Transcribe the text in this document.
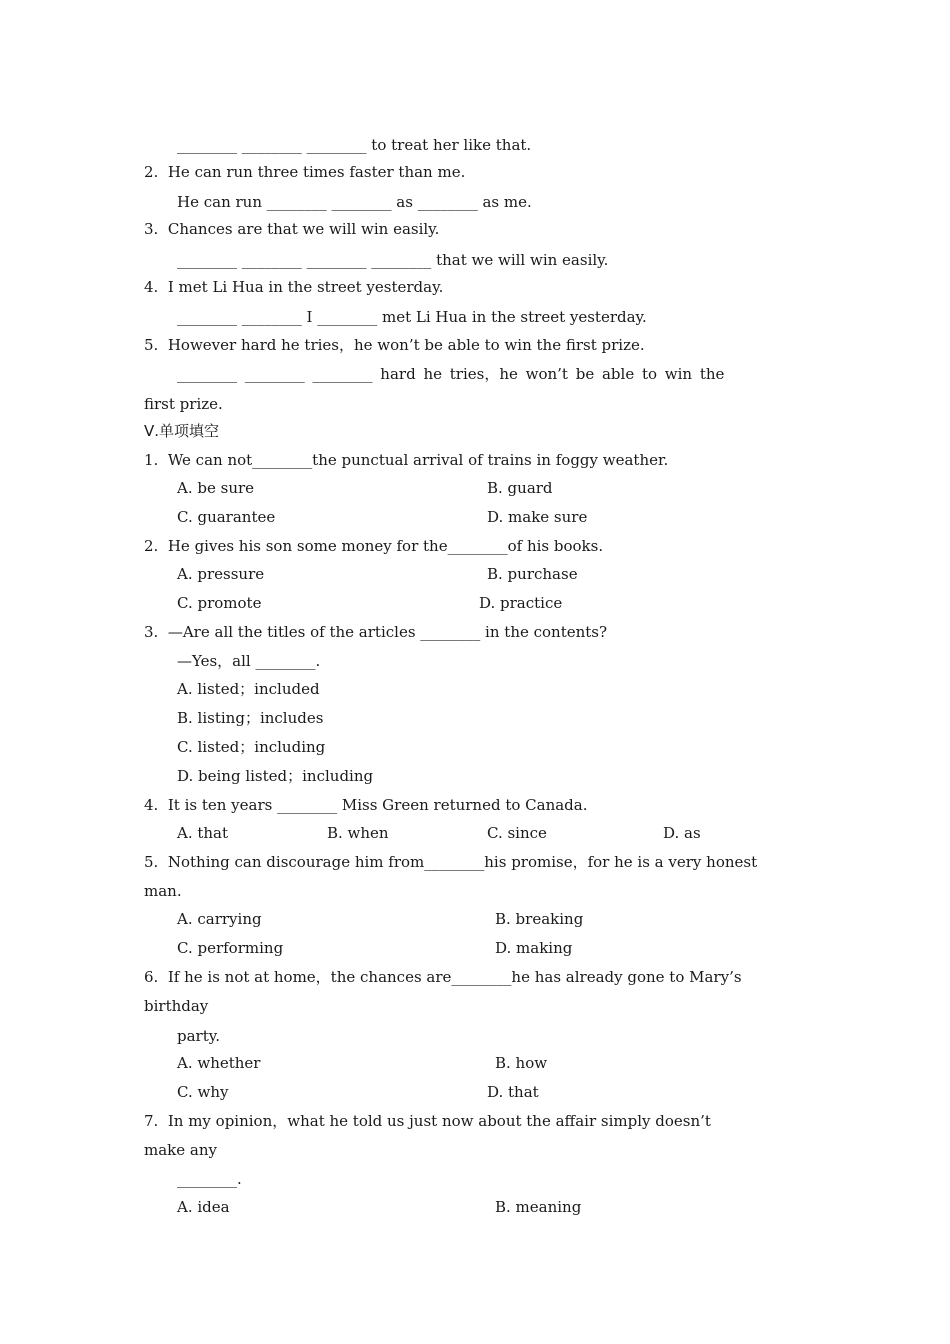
________ ________ ________ to treat her like that.
2.  He can run three times faster than me.
He can run ________ ________ as ________ as me.
3.  Chances are that we will win easily.
________ ________ ________ ________ that we will win easily.
4.  I met Li Hua in the street yesterday.
________ ________ I ________ met Li Hua in the street yesterday.
5.  However hard he tries，he won’t be able to win the first prize.
________ ________ ________ hard he tries，he won’t be able to win the
first prize.
Ⅴ.单项填空
1.  We can not________the punctual arrival of trains in foggy weather.
A. be sure	B. guard
C. guarantee	D. make sure
2.  He gives his son some money for the________of his books.
A. pressure	B. purchase
C. promote	D. practice
3.  —Are all the titles of the articles ________ in the contents?
—Yes，all ________.
A. listed；included
B. listing；includes
C. listed；including
D. being listed；including
4.  It is ten years ________ Miss Green returned to Canada.
A. that	B. when	C. since	D. as
5.  Nothing can discourage him from________his promise，for he is a very honest
man.
A. carrying	B. breaking
C. performing	D. making
6.  If he is not at home，the chances are________he has already gone to Mary’s
birthday
party.
A. whether	B. how
C. why	D. that
7.  In my opinion，what he told us just now about the affair simply doesn’t
make any
________.
A. idea	B. meaning
